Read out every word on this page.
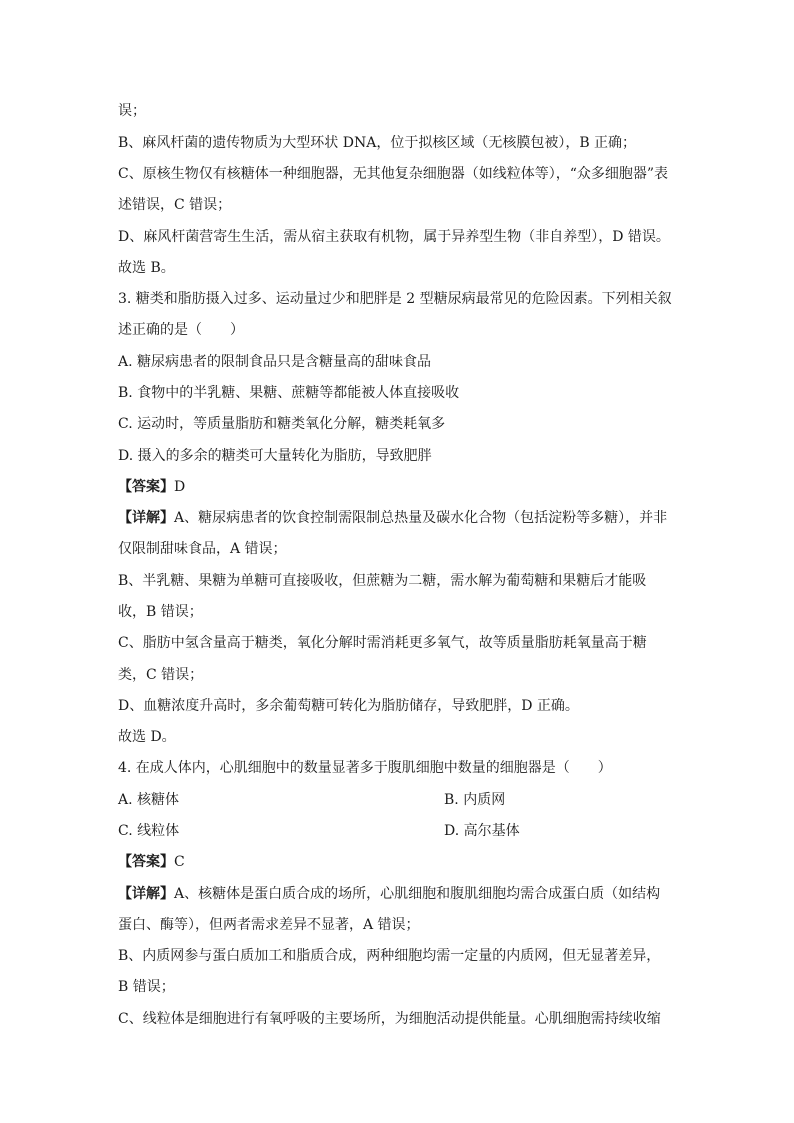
误；
B、麻风杆菌的遗传物质为大型环状 DNA，位于拟核区域（无核膜包被），B 正确；
C、原核生物仅有核糖体一种细胞器，无其他复杂细胞器（如线粒体等），“众多细胞器”表
述错误，C 错误；
D、麻风杆菌营寄生生活，需从宿主获取有机物，属于异养型生物（非自养型），D 错误。
故选 B。
3. 糖类和脂肪摄入过多、运动量过少和肥胖是 2 型糖尿病最常见的危险因素。下列相关叙
述正确的是（　　）
A. 糖尿病患者的限制食品只是含糖量高的甜味食品
B. 食物中的半乳糖、果糖、蔗糖等都能被人体直接吸收
C. 运动时，等质量脂肪和糖类氧化分解，糖类耗氧多
D. 摄入的多余的糖类可大量转化为脂肪，导致肥胖
【答案】D
【详解】A、糖尿病患者的饮食控制需限制总热量及碳水化合物（包括淀粉等多糖），并非
仅限制甜味食品，A 错误；
B、半乳糖、果糖为单糖可直接吸收，但蔗糖为二糖，需水解为葡萄糖和果糖后才能吸
收，B 错误；
C、脂肪中氢含量高于糖类，氧化分解时需消耗更多氧气，故等质量脂肪耗氧量高于糖
类，C 错误；
D、血糖浓度升高时，多余葡萄糖可转化为脂肪储存，导致肥胖，D 正确。
故选 D。
4. 在成人体内，心肌细胞中的数量显著多于腹肌细胞中数量的细胞器是（　　）
A. 核糖体	B. 内质网
C. 线粒体	D. 高尔基体
【答案】C
【详解】A、核糖体是蛋白质合成的场所，心肌细胞和腹肌细胞均需合成蛋白质（如结构
蛋白、酶等），但两者需求差异不显著，A 错误；
B、内质网参与蛋白质加工和脂质合成，两种细胞均需一定量的内质网，但无显著差异，
B 错误；
C、线粒体是细胞进行有氧呼吸的主要场所，为细胞活动提供能量。心肌细胞需持续收缩
